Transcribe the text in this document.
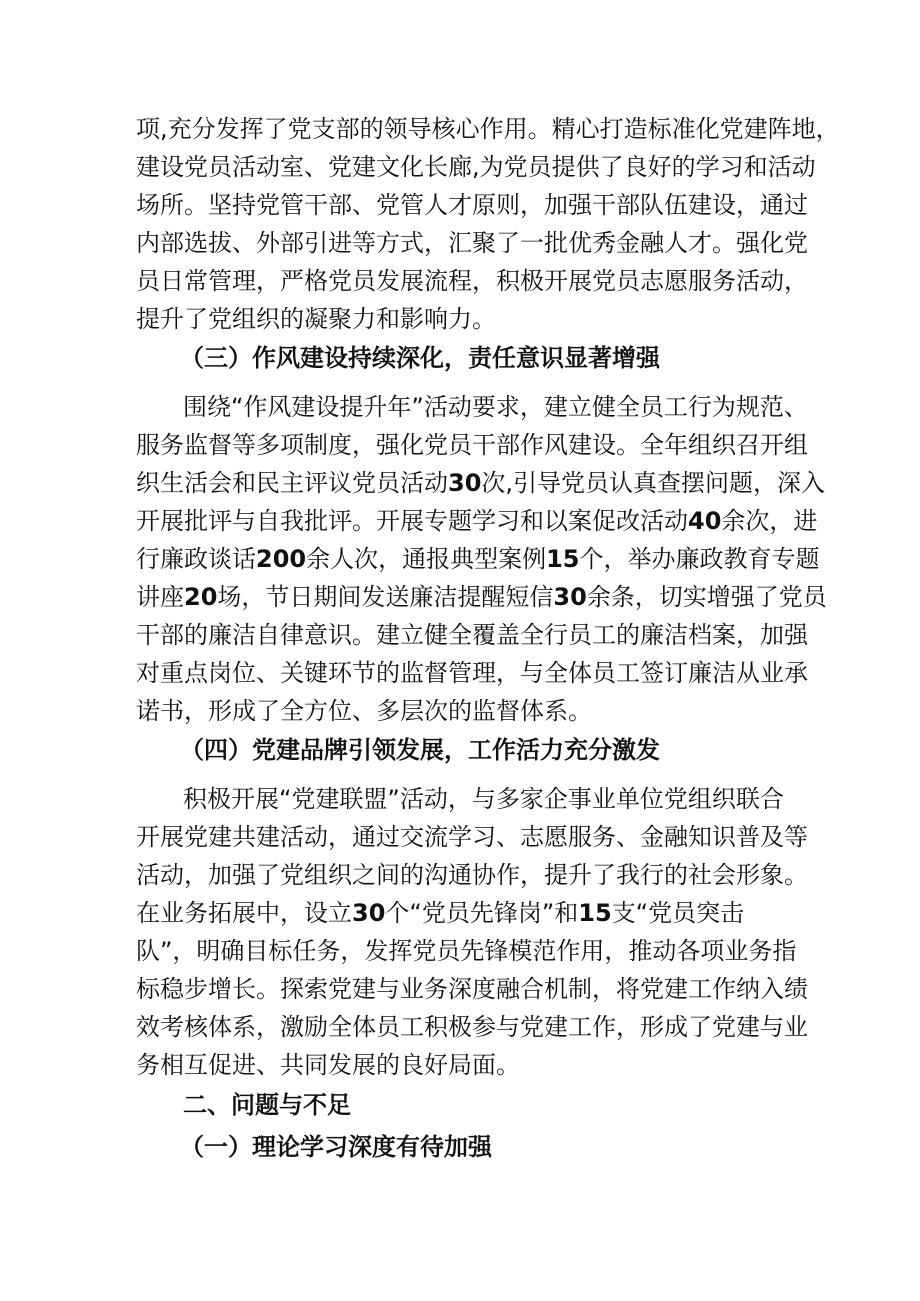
项,充分发挥了党支部的领导核心作用。精心打造标准化党建阵地，
建设党员活动室、党建文化长廊,为党员提供了良好的学习和活动
场所。坚持党管干部、党管人才原则，加强干部队伍建设，通过
内部选拔、外部引进等方式，汇聚了一批优秀金融人才。强化党
员日常管理，严格党员发展流程，积极开展党员志愿服务活动，
提升了党组织的凝聚力和影响力。
（三）作风建设持续深化，责任意识显著增强
围绕“作风建设提升年”活动要求，建立健全员工行为规范、
服务监督等多项制度，强化党员干部作风建设。全年组织召开组
织生活会和民主评议党员活动30次,引导党员认真查摆问题，深入
开展批评与自我批评。开展专题学习和以案促改活动40余次，进
行廉政谈话200余人次，通报典型案例15个，举办廉政教育专题
讲座20场，节日期间发送廉洁提醒短信30余条，切实增强了党员
干部的廉洁自律意识。建立健全覆盖全行员工的廉洁档案，加强
对重点岗位、关键环节的监督管理，与全体员工签订廉洁从业承
诺书，形成了全方位、多层次的监督体系。
（四）党建品牌引领发展，工作活力充分激发
积极开展“党建联盟”活动，与多家企事业单位党组织联合
开展党建共建活动，通过交流学习、志愿服务、金融知识普及等
活动，加强了党组织之间的沟通协作，提升了我行的社会形象。
在业务拓展中，设立30个“党员先锋岗”和15支“党员突击
队”，明确目标任务，发挥党员先锋模范作用，推动各项业务指
标稳步增长。探索党建与业务深度融合机制，将党建工作纳入绩
效考核体系，激励全体员工积极参与党建工作，形成了党建与业
务相互促进、共同发展的良好局面。
二、问题与不足
（一）理论学习深度有待加强
